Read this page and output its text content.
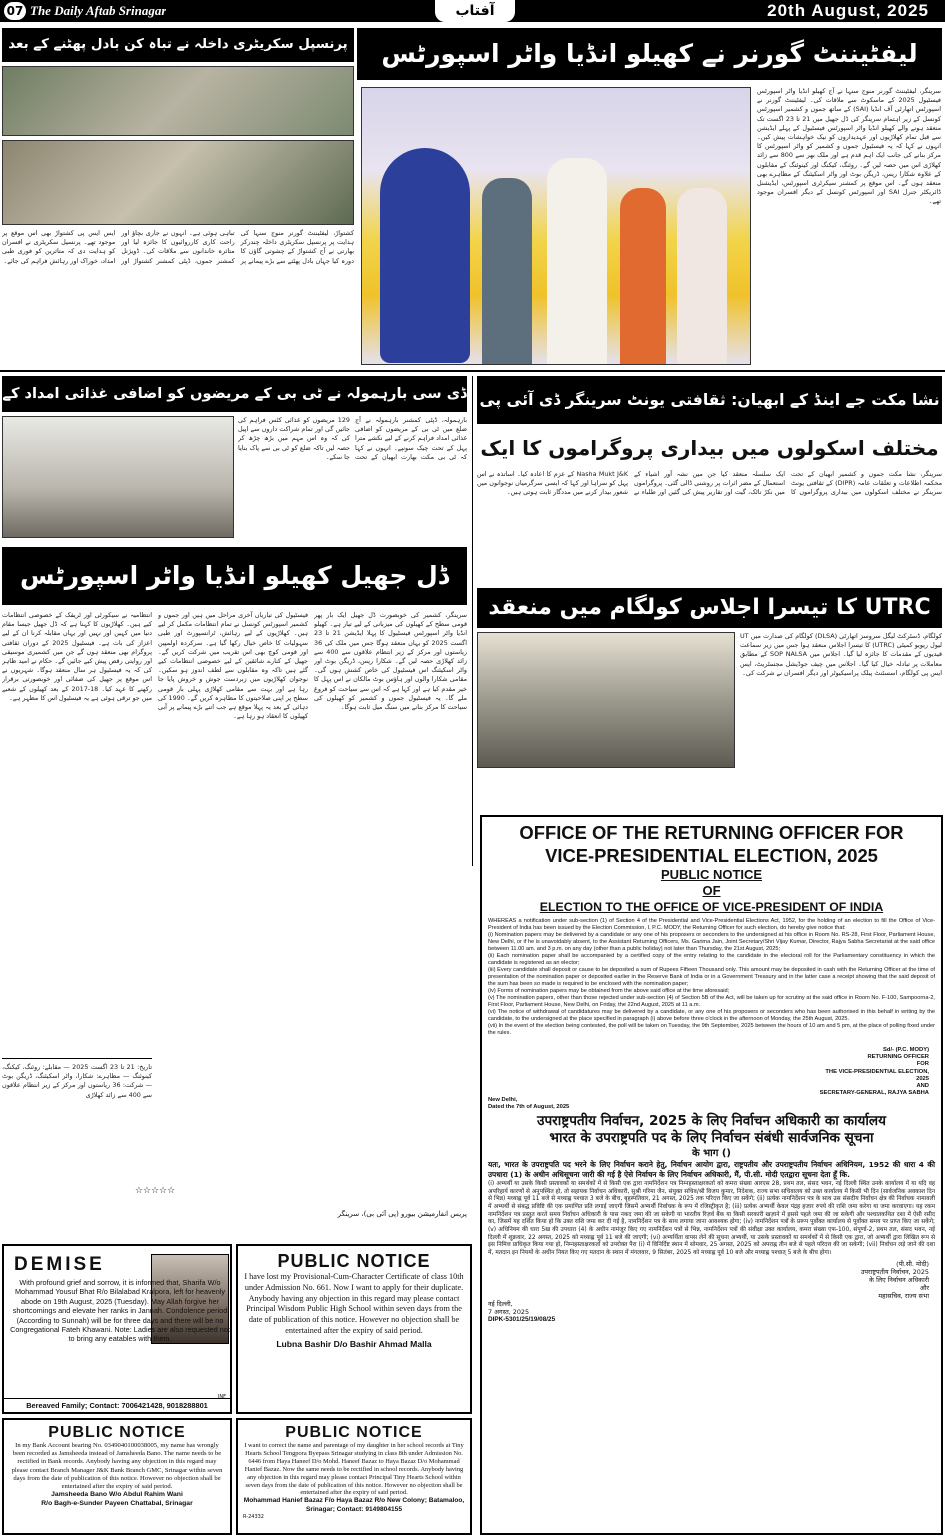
07 The Daily Aftab Srinagar	آفتاب	20th August, 2025
لیفٹیننٹ گورنر نے کھیلو انڈیا واٹر اسپورٹس
سرینگر، لیفٹیننٹ گورنر منوج سنہا نے آج کھیلو انڈیا واٹر اسپورٹس فیسٹیول 2025 کے ماسکوٹ سے ملاقات کی۔ لیفٹیننٹ گورنر نے اسپورٹس اتھارٹی آف انڈیا (SAI) کے ساتھ جموں و کشمیر اسپورٹس کونسل کے زیر اہتمام سرینگر کی ڈل جھیل میں 21 تا 23 اگست تک منعقد ہونے والے کھیلو انڈیا واٹر اسپورٹس فیسٹیول کے پہلے ایڈیشن سے قبل تمام کھلاڑیوں اور عہدیداروں کو نیک خواہشات پیش کیں۔ انہوں نے کہا کہ یہ فیسٹیول جموں و کشمیر کو واٹر اسپورٹس کا مرکز بنانے کی جانب ایک اہم قدم ہے اور ملک بھر سے 800 سے زائد کھلاڑی اس میں حصہ لیں گے۔ روئنگ، کیکنگ اور کینوئنگ کے مقابلوں کے علاوہ شکارا ریس، ڈریگن بوٹ اور واٹر اسکیئنگ کے مظاہرے بھی منعقد ہوں گے۔ اس موقع پر کمشنر سیکرٹری اسپورٹس، ایڈیشنل ڈائریکٹر جنرل SAI اور اسپورٹس کونسل کے دیگر افسران موجود تھے۔
پرنسپل سکریٹری داخلہ نے تباہ کن بادل پھٹنے کے بعد
کشتواڑ، لیفٹیننٹ گورنر منوج سنہا کی ہدایت پر پرنسپل سکریٹری داخلہ چندرکر بھارتی نے آج کشتواڑ کے چشوتی گاؤں کا دورہ کیا جہاں بادل پھٹنے سے بڑے پیمانے پر تباہی ہوئی ہے۔ انہوں نے جاری بچاؤ اور راحت کاری کارروائیوں کا جائزہ لیا اور متاثرہ خاندانوں سے ملاقات کی۔ ڈویژنل کمشنر جموں، ڈپٹی کمشنر کشتواڑ اور ایس ایس پی کشتواڑ بھی اس موقع پر موجود تھے۔ پرنسپل سکریٹری نے افسران کو ہدایت دی کہ متاثرین کو فوری طبی امداد، خوراک اور رہائش فراہم کی جائے۔
ڈی سی بارہمولہ نے ٹی بی کے مریضوں کو اضافی غذائی امداد کے
بارہمولہ، ڈپٹی کمشنر بارہمولہ نے آج ضلع میں ٹی بی کے مریضوں کو اضافی غذائی امداد فراہم کرنے کے لیے نکشے مترا پہل کے تحت چیک سونپے۔ انہوں نے کہا کہ ٹی بی مکت بھارت ابھیان کے تحت 129 مریضوں کو غذائی کٹس فراہم کی جائیں گی اور تمام شراکت داروں سے اپیل کی کہ وہ اس مہم میں بڑھ چڑھ کر حصہ لیں تاکہ ضلع کو ٹی بی سے پاک بنایا جا سکے۔
نشا مکت جے اینڈ کے ابھیان: ثقافتی یونٹ سرینگر ڈی آئی پی
مختلف اسکولوں میں بیداری پروگراموں کا ایک
سرینگر، نشا مکت جموں و کشمیر ابھیان کے تحت محکمہ اطلاعات و تعلقات عامہ (DIPR) کے ثقافتی یونٹ سرینگر نے مختلف اسکولوں میں بیداری پروگراموں کا ایک سلسلہ منعقد کیا جن میں نشہ آور اشیاء کے استعمال کے مضر اثرات پر روشنی ڈالی گئی۔ پروگراموں میں نکڑ ناٹک، گیت اور تقاریر پیش کی گئیں اور طلباء نے Nasha Mukt J&K کے عزم کا اعادہ کیا۔ اساتذہ نے اس پہل کو سراہا اور کہا کہ ایسی سرگرمیاں نوجوانوں میں شعور بیدار کرنے میں مددگار ثابت ہوتی ہیں۔
ڈل جھیل کھیلو انڈیا واٹر اسپورٹس
سرینگر، کشمیر کی خوبصورت ڈل جھیل ایک بار پھر قومی سطح کے کھیلوں کی میزبانی کے لیے تیار ہے۔ کھیلو انڈیا واٹر اسپورٹس فیسٹیول کا پہلا ایڈیشن 21 تا 23 اگست 2025 کو یہاں منعقد ہوگا جس میں ملک کی 36 ریاستوں اور مرکز کے زیر انتظام علاقوں سے 400 سے زائد کھلاڑی حصہ لیں گے۔ شکارا ریس، ڈریگن بوٹ اور واٹر اسکیئنگ اس فیسٹیول کی خاص کشش ہوں گی۔ مقامی شکارا والوں اور ہاؤس بوٹ مالکان نے اس پہل کا خیر مقدم کیا ہے اور کہا ہے کہ اس سے سیاحت کو فروغ ملے گا۔ یہ فیسٹیول جموں و کشمیر کو کھیلوں کی سیاحت کا مرکز بنانے میں سنگ میل ثابت ہوگا۔
فیسٹیول کی تیاریاں آخری مراحل میں ہیں اور جموں و کشمیر اسپورٹس کونسل نے تمام انتظامات مکمل کر لیے ہیں۔ کھلاڑیوں کے لیے رہائش، ٹرانسپورٹ اور طبی سہولیات کا خاص خیال رکھا گیا ہے۔ سرکردہ اولمپین اور قومی کوچ بھی اس تقریب میں شرکت کریں گے۔ جھیل کے کنارے شائقین کے لیے خصوصی انتظامات کیے گئے ہیں تاکہ وہ مقابلوں سے لطف اندوز ہو سکیں۔ نوجوان کھلاڑیوں میں زبردست جوش و خروش پایا جا رہا ہے اور بہت سے مقامی کھلاڑی پہلی بار قومی سطح پر اپنی صلاحیتوں کا مظاہرہ کریں گے۔ 1990 کی دہائی کے بعد یہ پہلا موقع ہے جب اتنے بڑے پیمانے پر آبی کھیلوں کا انعقاد ہو رہا ہے۔
انتظامیہ نے سیکورٹی اور ٹریفک کے خصوصی انتظامات کیے ہیں۔ کھلاڑیوں کا کہنا ہے کہ ڈل جھیل جیسا مقام دنیا میں کہیں اور نہیں اور یہاں مقابلہ کرنا ان کے لیے اعزاز کی بات ہے۔ فیسٹیول 2025 کے دوران ثقافتی پروگرام بھی منعقد ہوں گے جن میں کشمیری موسیقی اور روایتی رقص پیش کیے جائیں گے۔ حکام نے امید ظاہر کی کہ یہ فیسٹیول ہر سال منعقد ہوگا۔ شہریوں نے اس موقع پر جھیل کی صفائی اور خوبصورتی برقرار رکھنے کا عہد کیا۔ 18-2017 کے بعد کھیلوں کے شعبے میں جو ترقی ہوئی ہے یہ فیسٹیول اس کا مظہر ہے۔
تاریخ: 21 تا 23 اگست 2025 — مقابلے: روئنگ، کیکنگ، کینوئنگ — مظاہرے: شکارا، واٹر اسکیئنگ، ڈریگن بوٹ — شرکت: 36 ریاستوں اور مرکز کے زیر انتظام علاقوں سے 400 سے زائد کھلاڑی
☆☆☆☆☆
پریس انفارمیشن بیورو (پی آئی بی)، سرینگر
UTRC کا تیسرا اجلاس کولگام میں منعقد
کولگام، ڈسٹرکٹ لیگل سروسز اتھارٹی (DLSA) کولگام کی صدارت میں UT لیول ریویو کمیٹی (UTRC) کا تیسرا اجلاس منعقد ہوا جس میں زیر سماعت قیدیوں کے مقدمات کا جائزہ لیا گیا۔ اجلاس میں SOP NALSA کے مطابق معاملات پر تبادلہ خیال کیا گیا۔ اجلاس میں چیف جوڈیشل مجسٹریٹ، ایس ایس پی کولگام، اسسٹنٹ پبلک پراسیکیوٹر اور دیگر افسران نے شرکت کی۔
OFFICE OF THE RETURNING OFFICER FOR
VICE-PRESIDENTIAL ELECTION, 2025
PUBLIC NOTICE
OF
ELECTION TO THE OFFICE OF VICE-PRESIDENT OF INDIA
WHEREAS a notification under sub-section (1) of Section 4 of the Presidential and Vice-Presidential Elections Act, 1952, for the holding of an election to fill the Office of Vice-President of India has been issued by the Election Commission, I, P.C. MODY, the Returning Officer for such election, do hereby give notice that:
(i) Nomination papers may be delivered by a candidate or any one of his proposers or seconders to the undersigned at his office in Room No. RS-28, First Floor, Parliament House, New Delhi, or if he is unavoidably absent, to the Assistant Returning Officers, Ms. Garima Jain, Joint Secretary/Shri Vijay Kumar, Director, Rajya Sabha Secretariat at the said office between 11.00 am. and 3 p.m. on any day (other than a public holiday) not later than Thursday, the 21st August, 2025;
(ii) Each nomination paper shall be accompanied by a certified copy of the entry relating to the candidate in the electoral roll for the Parliamentary constituency in which the candidate is registered as an elector;
(iii) Every candidate shall deposit or cause to be deposited a sum of Rupees Fifteen Thousand only. This amount may be deposited in cash with the Returning Officer at the time of presentation of the nomination paper or deposited earlier in the Reserve Bank of India or in a Government Treasury and in the latter case a receipt showing that the said deposit of the sum has been so made is required to be enclosed with the nomination paper;
(iv) Forms of nomination papers may be obtained from the above said office at the time aforesaid;
(v) The nomination papers, other than those rejected under sub-section (4) of Section 5B of the Act, will be taken up for scrutiny at the said office in Room No. F-100, Sampoorna-2, First Floor, Parliament House, New Delhi, on Friday, the 22nd August, 2025 at 11 a.m.
(vi) The notice of withdrawal of candidatures may be delivered by a candidate, or any one of his proposers or seconders who has been authorised in this behalf in writing by the candidate, to the undersigned at the place specified in paragraph (i) above before three o'clock in the afternoon of Monday, the 25th August, 2025.
(vii) In the event of the election being contested, the poll will be taken on Tuesday, the 9th September, 2025 between the hours of 10 am and 5 pm, at the place of polling fixed under the rules.
Sd/- (P.C. MODY)
RETURNING OFFICER
FOR
THE VICE-PRESIDENTIAL ELECTION,
2025
AND
SECRETARY-GENERAL, RAJYA SABHA
New Delhi,
Dated the 7th of August, 2025
उपराष्ट्रपतीय निर्वाचन, 2025 के लिए निर्वाचन अधिकारी का कार्यालय
भारत के उपराष्ट्रपति पद के लिए निर्वाचन संबंधी सार्वजनिक सूचना
के भाग ()
यतः, भारत के उपराष्ट्रपति पद भरने के लिए निर्वाचन कराने हेतु, निर्वाचन आयोग द्वारा, राष्ट्रपतीय और उपराष्ट्रपतीय निर्वाचन अधिनियम, 1952 की धारा 4 की उपधारा (1) के अधीन अधिसूचना जारी की गई है ऐसे निर्वाचन के लिए निर्वाचन अधिकारी, मैं, पी.सी. मोदी एतद्वारा सूचना देता हूँ कि.
(i) अभ्यर्थी या उसके किसी प्रस्तावकों या समर्थकों में से किसी एक द्वारा नामनिर्देशन पत्र निम्नहस्ताक्षरकर्ता को कमरा संख्या आरएस 28, प्रथम तल, संसद भवन, नई दिल्ली स्थित उनके कार्यालय में या यदि वह अपरिहार्य कारणों से अनुपस्थित हो, तो सहायक निर्वाचन अधिकारी, सुश्री गरिमा जैन, संयुक्त सचिव/श्री विजय कुमार, निदेशक, राज्य सभा सचिवालय को उक्त कार्यालय में किसी भी दिन (सार्वजनिक अवकाश दिन से भिन्न) मध्याह्न पूर्व 11 बजे से मध्याह्न पश्चात 3 बजे के बीच, बृहस्पतिवार, 21 अगस्त, 2025 तक परिदत्त किए जा सकेंगे; (ii) प्रत्येक नामनिर्देशन पत्र के साथ उस संसदीय निर्वाचन क्षेत्र की निर्वाचक नामावली में अभ्यर्थी से संबद्ध प्रविष्टि की एक प्रमाणित प्रति लगाई जाएगी जिसमें अभ्यर्थी निर्वाचक के रूप में रजिस्ट्रीकृत है; (iii) प्रत्येक अभ्यर्थी केवल पंद्रह हजार रुपये की राशि जमा करेगा या जमा करवाएगा। यह रकम नामनिर्देशन पत्र प्रस्तुत करते समय निर्वाचन अधिकारी के पास नकद जमा की जा सकेगी या भारतीय रिज़र्व बैंक या किसी सरकारी खज़ाने में इससे पहले जमा की जा सकेगी और पश्चातकथित दशा में ऐसी रसीद का, जिसमें यह दर्शित किया हो कि उक्त राशि जमा कर दी गई है, नामनिर्देशन पत्र के साथ लगाया जाना आवश्यक होगा; (iv) नामनिर्देशन पत्रों के प्ररूप पूर्वोक्त कार्यालय से पूर्वोक्त समय पर प्राप्त किए जा सकेंगे; (v) अधिनियम की धारा 5ख की उपधारा (4) के अधीन नामंजूर किए गए नामनिर्देशन पत्रों से भिन्न, नामनिर्देशन पत्रों की संवीक्षा उक्त कार्यालय, कमरा संख्या एफ-100, संपूर्णा-2, प्रथम तल, संसद भवन, नई दिल्ली में शुक्रवार, 22 अगस्त, 2025 को मध्याह्न पूर्व 11 बजे की जाएगी; (vi) अभ्यर्थिता वापस लेने की सूचना अभ्यर्थी, या उसके प्रस्तावकों या समर्थकों में से किसी एक द्वारा, जो अभ्यर्थी द्वारा लिखित रूप से इस निमित्त प्राधिकृत किया गया हो, निम्नहस्ताक्षरकर्ता को उपरोक्त पैरा (i) में विनिर्दिष्ट स्थान में सोमवार, 25 अगस्त, 2025 को अपराह्न तीन बजे से पहले परिदत्त की जा सकेगी; (vii) निर्वाचन लड़े जाने की दशा में, मतदान इन नियमों के अधीन नियत किए गए मतदान के स्थान में मंगलवार, 9 सितंबर, 2025 को मध्याह्न पूर्व 10 बजे और मध्याह्न पश्चात् 5 बजे के बीच होगा।
(पी.सी. मोदी)
उपराष्ट्रपतीय निर्वाचन, 2025
के लिए निर्वाचन अधिकारी
और
महासचिव, राज्य सभा
नई दिल्ली,
7 अगस्त, 2025
DIPK-5301/25/19/08/25
DEMISE
With profound grief and sorrow, it is informed that, Sharifa W/o Mohammad Yousuf Bhat R/o Bilalabad Kralpora, left for heavenly abode on 19th August, 2025 (Tuesday). May Allah forgive her shortcomings and elevate her ranks in Jannah. Condolence period (According to Sunnah) will be for three days and there will be no Congregational Fateh Khawani. Note: Ladies are also requested not to bring any eatables with them.
INF
Bereaved Family; Contact: 7006421428, 9018288801
PUBLIC NOTICE
I have lost my Provisional-Cum-Character Certificate of class 10th under Admission No. 661. Now I want to apply for their duplicate. Anybody having any objection in this regard may please contact Principal Wisdom Public High School within seven days from the date of publication of this notice. However no objection shall be entertained after the expiry of said period.
Lubna Bashir D/o Bashir Ahmad Malla
PUBLIC NOTICE
In my Bank Account bearing No. 0349040100038005, my name has wrongly been recorded as Jamsheeda instead of Jamsheeda Bano. The name needs to be rectified in Bank records. Anybody having any objection in this regard may please contact Branch Manager J&K Bank Branch GMC, Srinagar within seven days from the date of publication of this notice. However no objection shall be entertained after the expiry of said period.
Jamsheeda Bano W/o Abdul Rahim Wani
R/o Bagh-e-Sunder Payeen Chattabal, Srinagar
PUBLIC NOTICE
I want to correct the name and parentage of my daughter in her school records at Tiny Hearts School Tengpora Byepass Srinagar studying in class 8th under Admission No. 6446 from Haya Haneef D/o Mohd. Haneef Bazaz to Haya Bazaz D/o Mohammad Hanief Bazaz. Now the same needs to be rectified in school records. Anybody having any objection in this regard may please contact Principal Tiny Hearts School within seven days from the date of publication of this notice. However no objection shall be entertained after the expiry of said period.
Mohammad Hanief Bazaz F/o Haya Bazaz R/o New Colony; Batamaloo, Srinagar; Contact: 9149804155
R-24332
